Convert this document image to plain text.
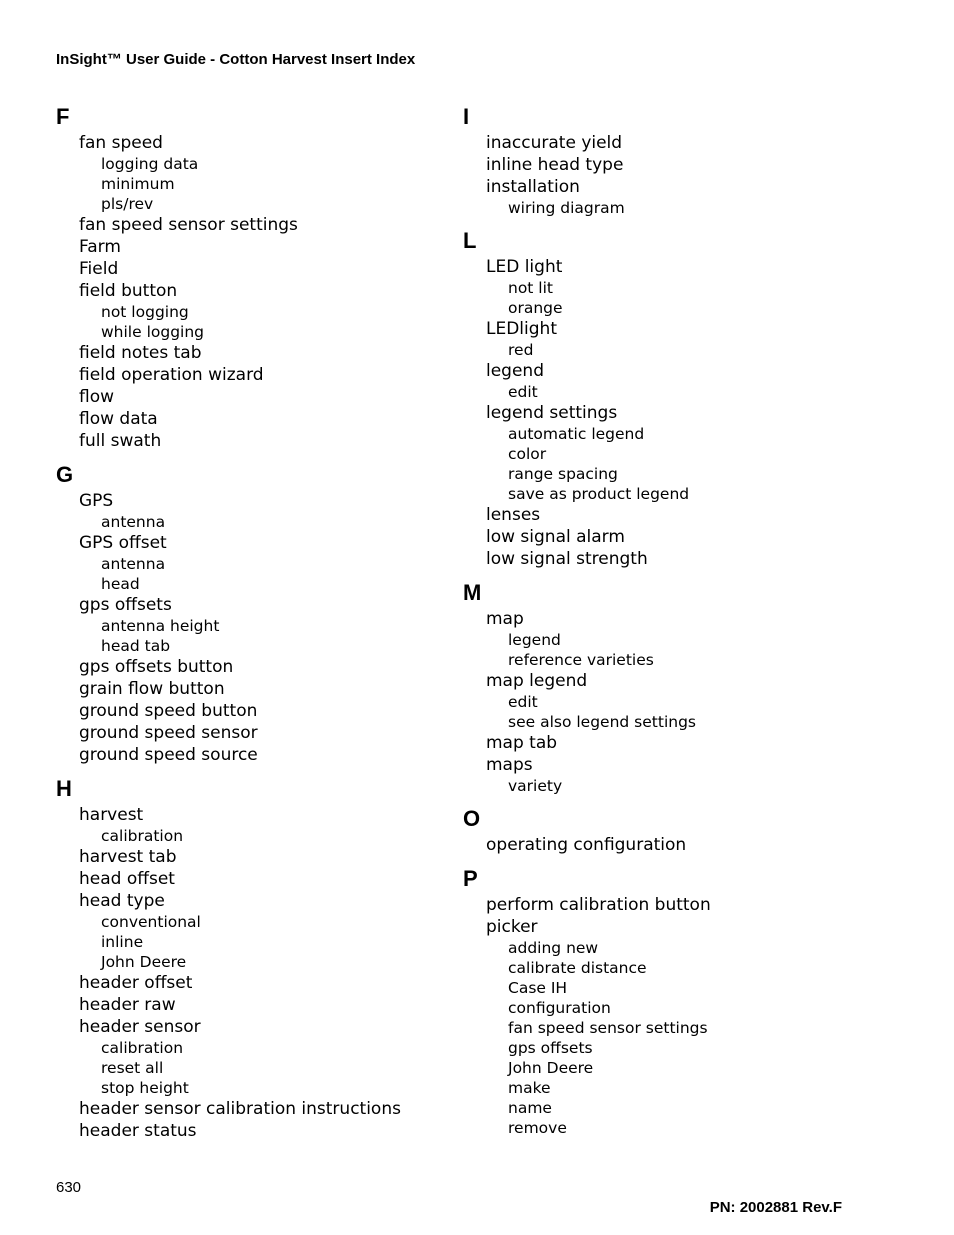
InSight™ User Guide - Cotton Harvest Insert Index
F
fan speed
logging data
minimum
pls/rev
fan speed sensor settings
Farm
Field
field button
not logging
while logging
field notes tab
field operation wizard
flow
flow data
full swath
G
GPS
antenna
GPS offset
antenna
head
gps offsets
antenna height
head tab
gps offsets button
grain flow button
ground speed button
ground speed sensor
ground speed source
H
harvest
calibration
harvest tab
head offset
head type
conventional
inline
John Deere
header offset
header raw
header sensor
calibration
reset all
stop height
header sensor calibration instructions
header status
I
inaccurate yield
inline head type
installation
wiring diagram
L
LED light
not lit
orange
LEDlight
red
legend
edit
legend settings
automatic legend
color
range spacing
save as product legend
lenses
low signal alarm
low signal strength
M
map
legend
reference varieties
map legend
edit
see also legend settings
map tab
maps
variety
O
operating configuration
P
perform calibration button
picker
adding new
calibrate distance
Case IH
configuration
fan speed sensor settings
gps offsets
John Deere
make
name
remove
630
PN: 2002881 Rev.F
